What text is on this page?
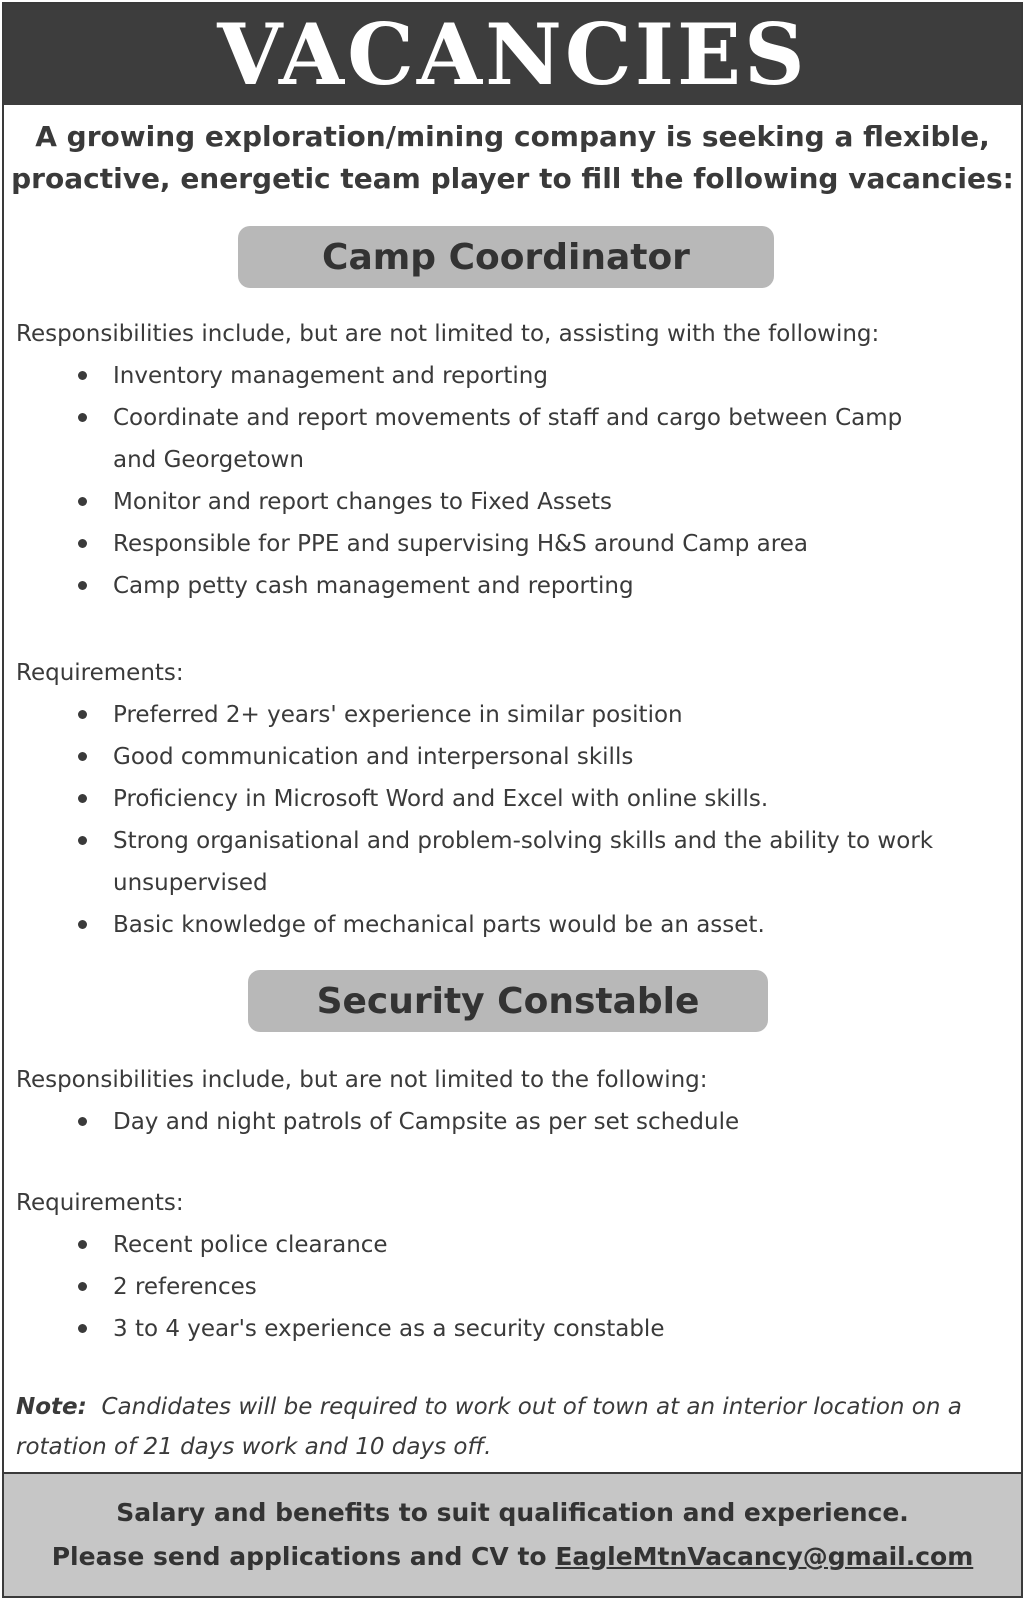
VACANCIES
A growing exploration/mining company is seeking a flexible,
proactive, energetic team player to fill the following vacancies:
Camp Coordinator

Responsibilities include, but are not limited to, assisting with the following:

Inventory management and reporting
Coordinate and report movements of staff and cargo between Camp and Georgetown
Monitor and report changes to Fixed Assets
Responsible for PPE and supervising H&S around Camp area
Camp petty cash management and reporting

Requirements:

Preferred 2+ years' experience in similar position
Good communication and interpersonal skills
Proficiency in Microsoft Word and Excel with online skills.
Strong organisational and problem-solving skills and the ability to work unsupervised
Basic knowledge of mechanical parts would be an asset.
Security Constable

Responsibilities include, but are not limited to the following:

Day and night patrols of Campsite as per set schedule

Requirements:

Recent police clearance
2 references
3 to 4 year's experience as a security constable
Note: Candidates will be required to work out of town at an interior location on a rotation of 21 days work and 10 days off.
Salary and benefits to suit qualification and experience.
Please send applications and CV to EagleMtnVacancy@gmail.com
